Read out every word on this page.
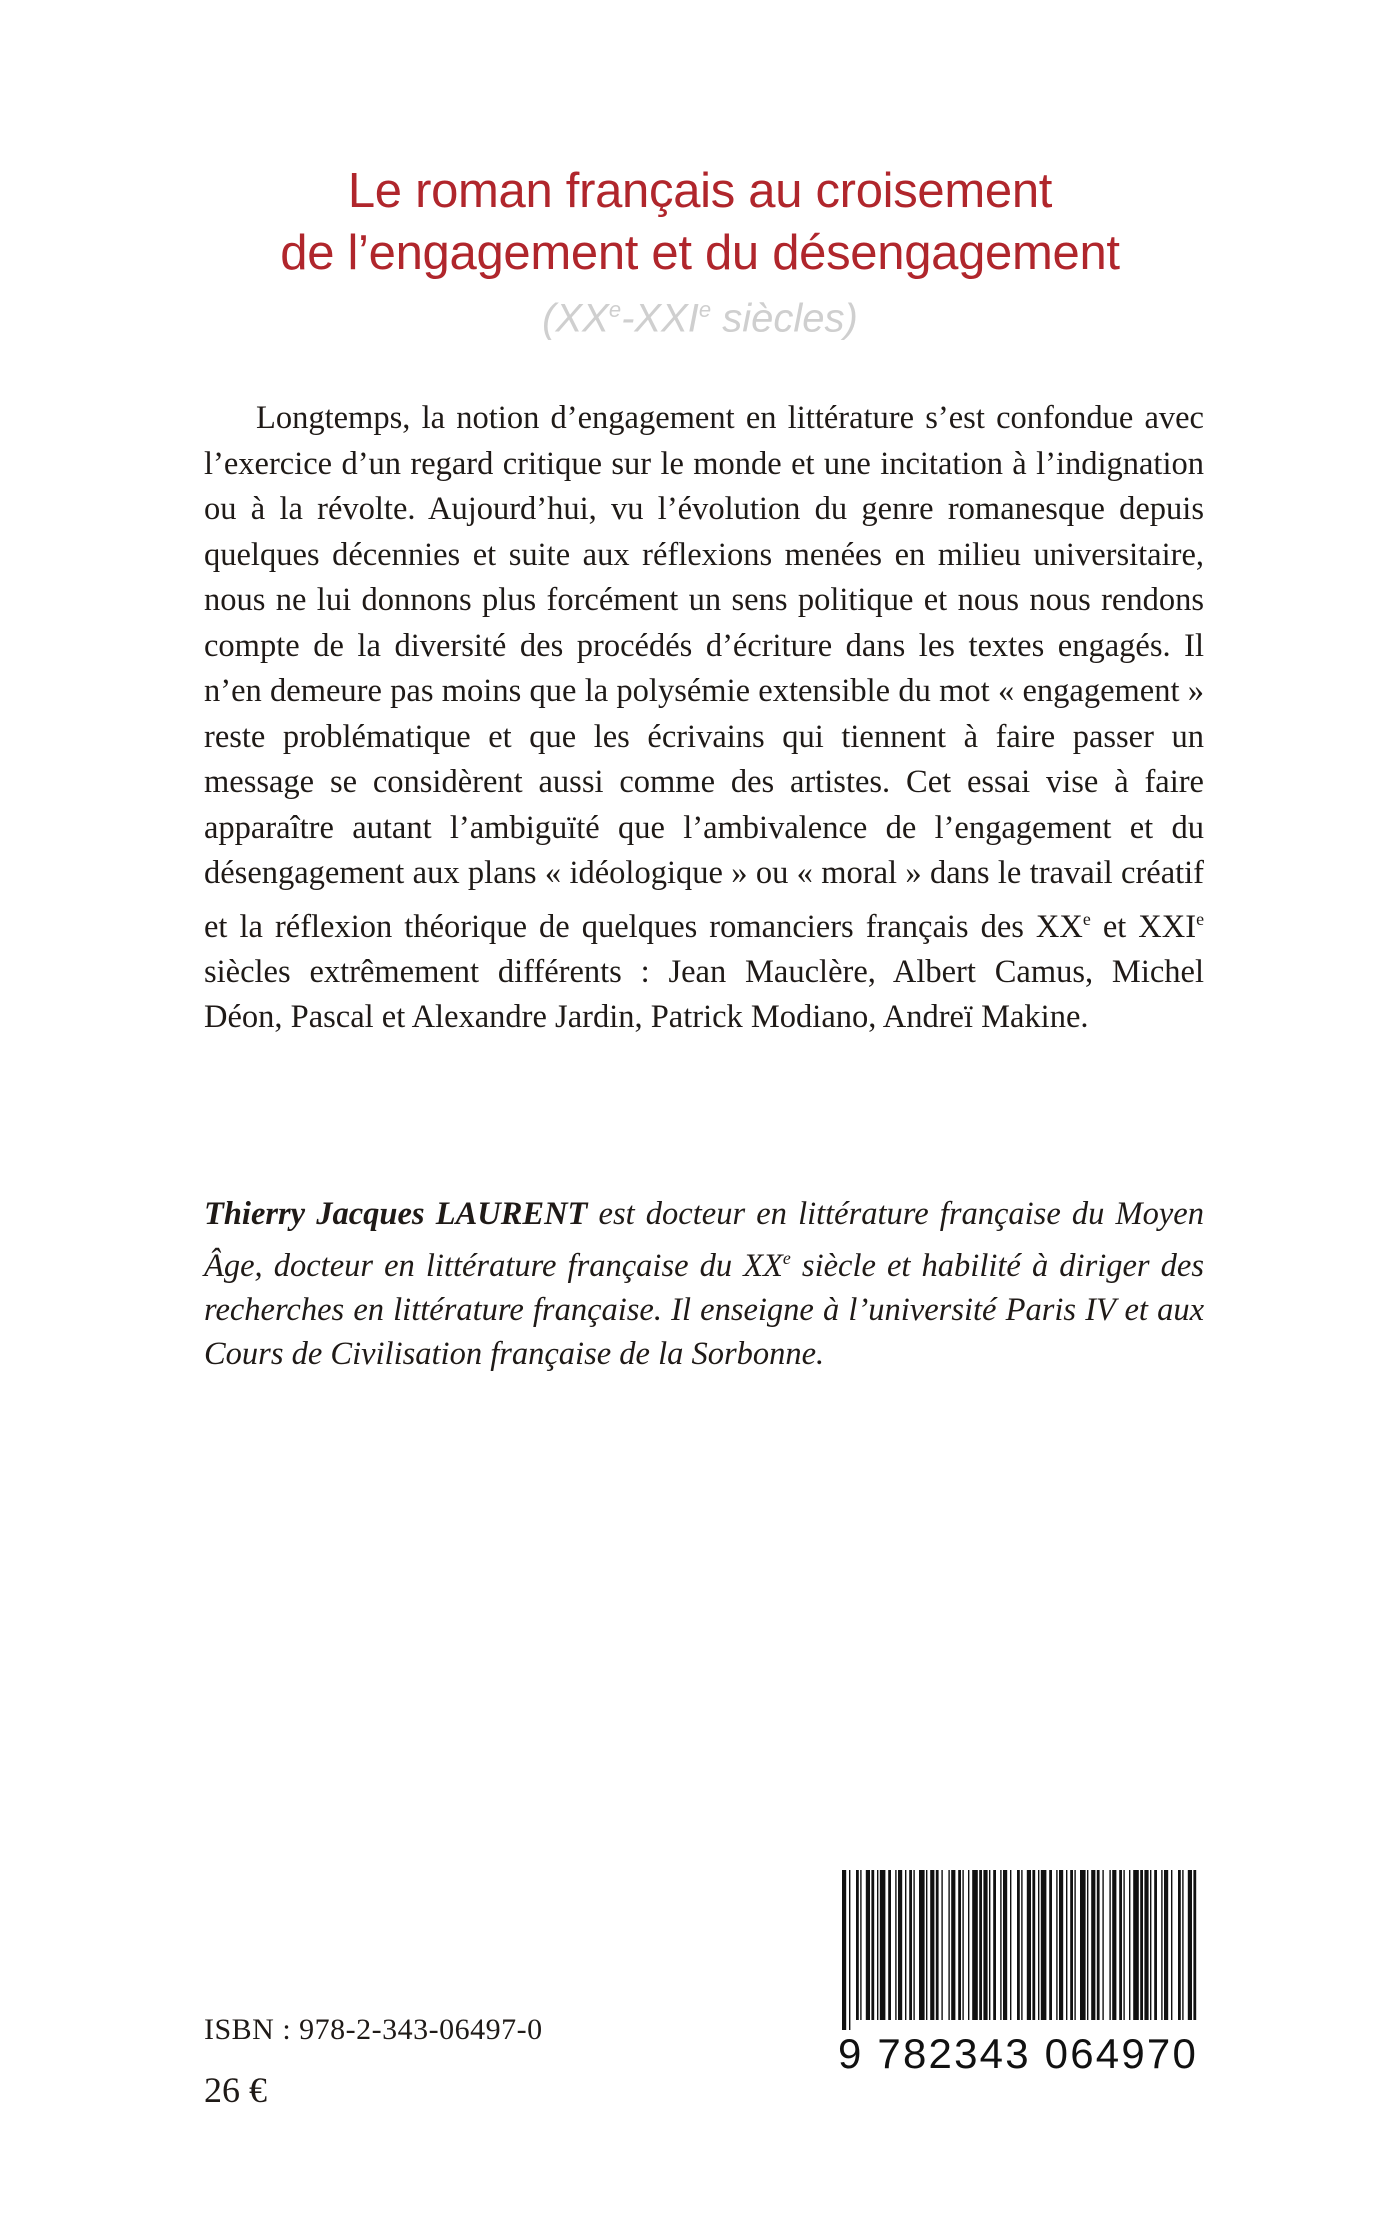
Le roman français au croisement
de l’engagement et du désengagement
(XXe-XXIe siècles)

Longtemps, la notion d’engagement en littérature s’est confondue avec l’exercice d’un regard critique sur le monde et une incitation à l’indignation ou à la révolte. Aujourd’hui, vu l’évolution du genre romanesque depuis quelques décennies et suite aux réflexions menées en milieu universitaire, nous ne lui donnons plus forcément un sens politique et nous nous rendons compte de la diversité des procédés d’écriture dans les textes engagés. Il n’en demeure pas moins que la polysémie extensible du mot « engagement » reste problématique et que les écrivains qui tiennent à faire passer un message se considèrent aussi comme des artistes. Cet essai vise à faire apparaître autant l’ambiguïté que l’ambivalence de l’engagement et du désengagement aux plans « idéologique » ou « moral » dans le travail créatif et la réflexion théorique de quelques romanciers français des XXe et XXIe siècles extrêmement différents : Jean Mauclère, Albert Camus, Michel Déon, Pascal et Alexandre Jardin, Patrick Modiano, Andreï Makine.

Thierry Jacques LAURENT est docteur en littérature française du Moyen Âge, docteur en littérature française du XXe siècle et habilité à diriger des recherches en littérature française. Il enseigne à l’université Paris IV et aux Cours de Civilisation française de la Sorbonne.

ISBN : 978-2-343-06497-0
26 €
9 782343 064970
